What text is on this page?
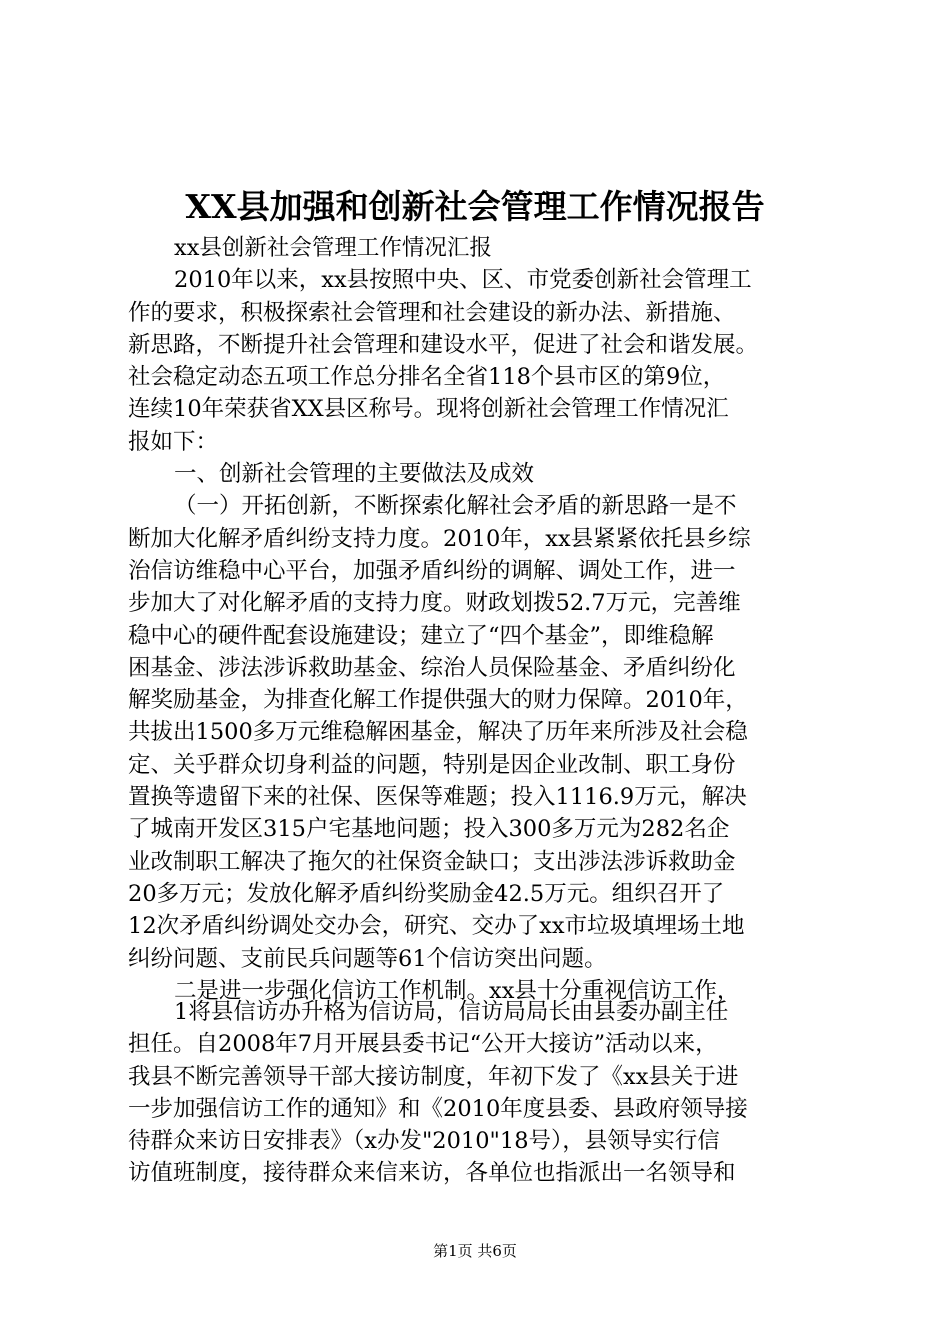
XX县加强和创新社会管理工作情况报告
xx县创新社会管理工作情况汇报
2010年以来，xx县按照中央、区、市党委创新社会管理工
作的要求，积极探索社会管理和社会建设的新办法、新措施、
新思路，不断提升社会管理和建设水平，促进了社会和谐发展。
社会稳定动态五项工作总分排名全省118个县市区的第9位，
连续10年荣获省XX县区称号。现将创新社会管理工作情况汇
报如下：
一、创新社会管理的主要做法及成效
（一）开拓创新，不断探索化解社会矛盾的新思路一是不
断加大化解矛盾纠纷支持力度。2010年，xx县紧紧依托县乡综
治信访维稳中心平台，加强矛盾纠纷的调解、调处工作，进一
步加大了对化解矛盾的支持力度。财政划拨52.7万元，完善维
稳中心的硬件配套设施建设；建立了“四个基金”，即维稳解
困基金、涉法涉诉救助基金、综治人员保险基金、矛盾纠纷化
解奖励基金，为排查化解工作提供强大的财力保障。2010年，
共拔出1500多万元维稳解困基金，解决了历年来所涉及社会稳
定、关乎群众切身利益的问题，特别是因企业改制、职工身份
置换等遗留下来的社保、医保等难题；投入1116.9万元，解决
了城南开发区315户宅基地问题；投入300多万元为282名企
业改制职工解决了拖欠的社保资金缺口；支出涉法涉诉救助金
20多万元；发放化解矛盾纠纷奖励金42.5万元。组织召开了
12次矛盾纠纷调处交办会，研究、交办了xx市垃圾填埋场土地
纠纷问题、支前民兵问题等61个信访突出问题。
二是进一步强化信访工作机制。xx县十分重视信访工作，
1将县信访办升格为信访局，信访局局长由县委办副主任
担任。自2008年7月开展县委书记“公开大接访”活动以来，
我县不断完善领导干部大接访制度，年初下发了《xx县关于进
一步加强信访工作的通知》和《2010年度县委、县政府领导接
待群众来访日安排表》（x办发"2010"18号），县领导实行信
访值班制度，接待群众来信来访，各单位也指派出一名领导和
第1页 共6页
